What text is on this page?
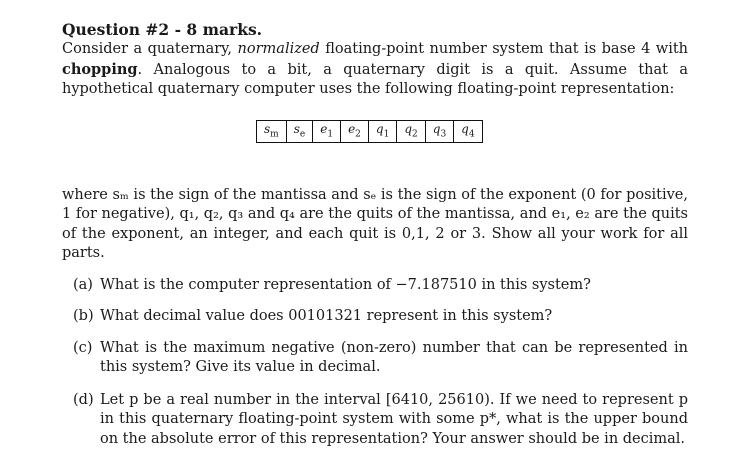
Question #2 - 8 marks.

Consider a quaternary, normalized floating-point number system that is base 4 with chopping. Analogous to a bit, a quaternary digit is a quit. Assume that a hypothetical quaternary computer uses the following floating-point representation:

$s_m$	$s_e$	$e_1$	$e_2$	$q_1$	$q_2$	$q_3$	$q_4$

where sₘ is the sign of the mantissa and sₑ is the sign of the exponent (0 for positive, 1 for negative), q₁, q₂, q₃ and q₄ are the quits of the mantissa, and e₁, e₂ are the quits of the exponent, an integer, and each quit is 0,1, 2 or 3. Show all your work for all parts.

(a) What is the computer representation of −7.187510 in this system?
(b) What decimal value does 00101321 represent in this system?
(c) What is the maximum negative (non-zero) number that can be represented in this system? Give its value in decimal.
(d) Let p be a real number in the interval [6410, 25610). If we need to represent p in this quaternary floating-point system with some p*, what is the upper bound on the absolute error of this representation? Your answer should be in decimal.
